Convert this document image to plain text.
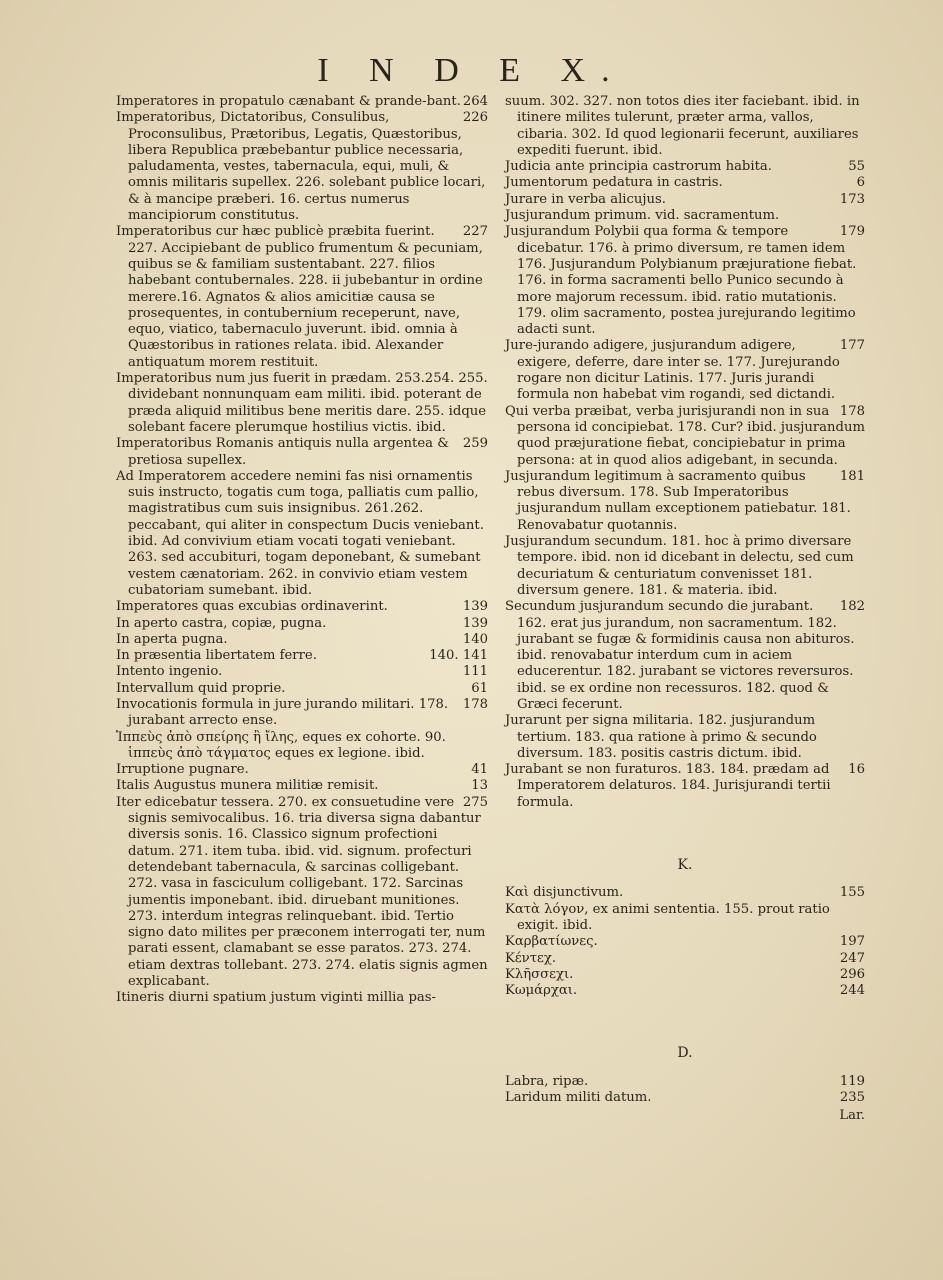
I N D E X.

264
Imperatores in propatulo cænabant & prande-bant.

226
Imperatoribus, Dictatoribus, Consulibus, Proconsulibus, Prætoribus, Legatis, Quæstoribus, libera Republica præbebantur publice necessaria, paludamenta, vestes, tabernacula, equi, muli, & omnis militaris supellex. 226. solebant publice locari, & à mancipe præberi. 16. certus numerus mancipiorum constitutus.

227
Imperatoribus cur hæc publicè præbita fuerint. 227. Accipiebant de publico frumentum & pecuniam, quibus se & familiam sustentabant. 227. filios habebant contubernales. 228. ii jubebantur in ordine merere.16. Agnatos & alios amicitiæ causa se prosequentes, in contubernium receperunt, nave, equo, viatico, tabernaculo juverunt. ibid. omnia à Quæstoribus in rationes relata. ibid. Alexander antiquatum morem restituit.

Imperatoribus num jus fuerit in prædam. 253.254. 255. dividebant nonnunquam eam militi. ibid. poterant de præda aliquid militibus bene meritis dare. 255. idque solebant facere plerumque hostilius victis. ibid.

259
Imperatoribus Romanis antiquis nulla argentea & pretiosa supellex.

Ad Imperatorem accedere nemini fas nisi ornamentis suis instructo, togatis cum toga, palliatis cum pallio, magistratibus cum suis insignibus. 261.262. peccabant, qui aliter in conspectum Ducis veniebant. ibid. Ad convivium etiam vocati togati veniebant. 263. sed accubituri, togam deponebant, & sumebant vestem cænatoriam. 262. in convivio etiam vestem cubatoriam sumebant. ibid.

139
Imperatores quas excubias ordinaverint.

139
In aperto castra, copiæ, pugna.

140
In aperta pugna.

140. 141
In præsentia libertatem ferre.

111
Intento ingenio.

61
Intervallum quid proprie.

178
Invocationis formula in jure jurando militari. 178. jurabant arrecto ense.

Ἱππεὺς ἀπὸ σπείρης ἢ ἴλης, eques ex cohorte. 90. ἱππεὺς ἀπὸ τάγματος eques ex legione. ibid.

41
Irruptione pugnare.

13
Italis Augustus munera militiæ remisit.

275
Iter edicebatur tessera. 270. ex consuetudine vere signis semivocalibus. 16. tria diversa signa dabantur diversis sonis. 16. Classico signum profectioni datum. 271. item tuba. ibid. vid. signum. profecturi detendebant tabernacula, & sarcinas colligebant. 272. vasa in fasciculum colligebant. 172. Sarcinas jumentis imponebant. ibid. diruebant munitiones. 273. interdum integras relinquebant. ibid. Tertio signo dato milites per præconem interrogati ter, num parati essent, clamabant se esse paratos. 273. 274. etiam dextras tollebant. 273. 274. elatis signis agmen explicabant.

Itineris diurni spatium justum viginti millia pas-

suum. 302. 327. non totos dies iter faciebant. ibid. in itinere milites tulerunt, præter arma, vallos, cibaria. 302. Id quod legionarii fecerunt, auxiliares expediti fuerunt. ibid.

55
Judicia ante principia castrorum habita.

6
Jumentorum pedatura in castris.

173
Jurare in verba alicujus.

Jusjurandum primum. vid. sacramentum.

179
Jusjurandum Polybii qua forma & tempore dicebatur. 176. à primo diversum, re tamen idem 176. Jusjurandum Polybianum præjuratione fiebat. 176. in forma sacramenti bello Punico secundo à more majorum recessum. ibid. ratio mutationis. 179. olim sacramento, postea jurejurando legitimo adacti sunt.

177
Jure-jurando adigere, jusjurandum adigere, exigere, deferre, dare inter se. 177. Jurejurando rogare non dicitur Latinis. 177. Juris jurandi formula non habebat vim rogandi, sed dictandi.

178
Qui verba præibat, verba jurisjurandi non in sua persona id concipiebat. 178. Cur? ibid. jusjurandum quod præjuratione fiebat, concipiebatur in prima persona: at in quod alios adigebant, in secunda.

181
Jusjurandum legitimum à sacramento quibus rebus diversum. 178. Sub Imperatoribus jusjurandum nullam exceptionem patiebatur. 181. Renovabatur quotannis.

Jusjurandum secundum. 181. hoc à primo diversare tempore. ibid. non id dicebant in delectu, sed cum decuriatum & centuriatum convenisset 181. diversum genere. 181. & materia. ibid.

182
Secundum jusjurandum secundo die jurabant. 162. erat jus jurandum, non sacramentum. 182. jurabant se fugæ & formidinis causa non abituros. ibid. renovabatur interdum cum in aciem educerentur. 182. jurabant se victores reversuros. ibid. se ex ordine non recessuros. 182. quod & Græci fecerunt.

Jurarunt per signa militaria. 182. jusjurandum tertium. 183. qua ratione à primo & secundo diversum. 183. positis castris dictum. ibid.

16
Jurabant se non furaturos. 183. 184. prædam ad Imperatorem delaturos. 184. Jurisjurandi tertii formula.

K.

155
Καὶ disjunctivum.

Κατὰ λόγον, ex animi sententia. 155. prout ratio exigit. ibid.

197
Καρβατίωνες.

247
Κέντεχ.

296
Κλῆσσεχι.

244
Κωμάρχαι.

D.

119
Labra, ripæ.

235
Laridum militi datum.

Lar.
